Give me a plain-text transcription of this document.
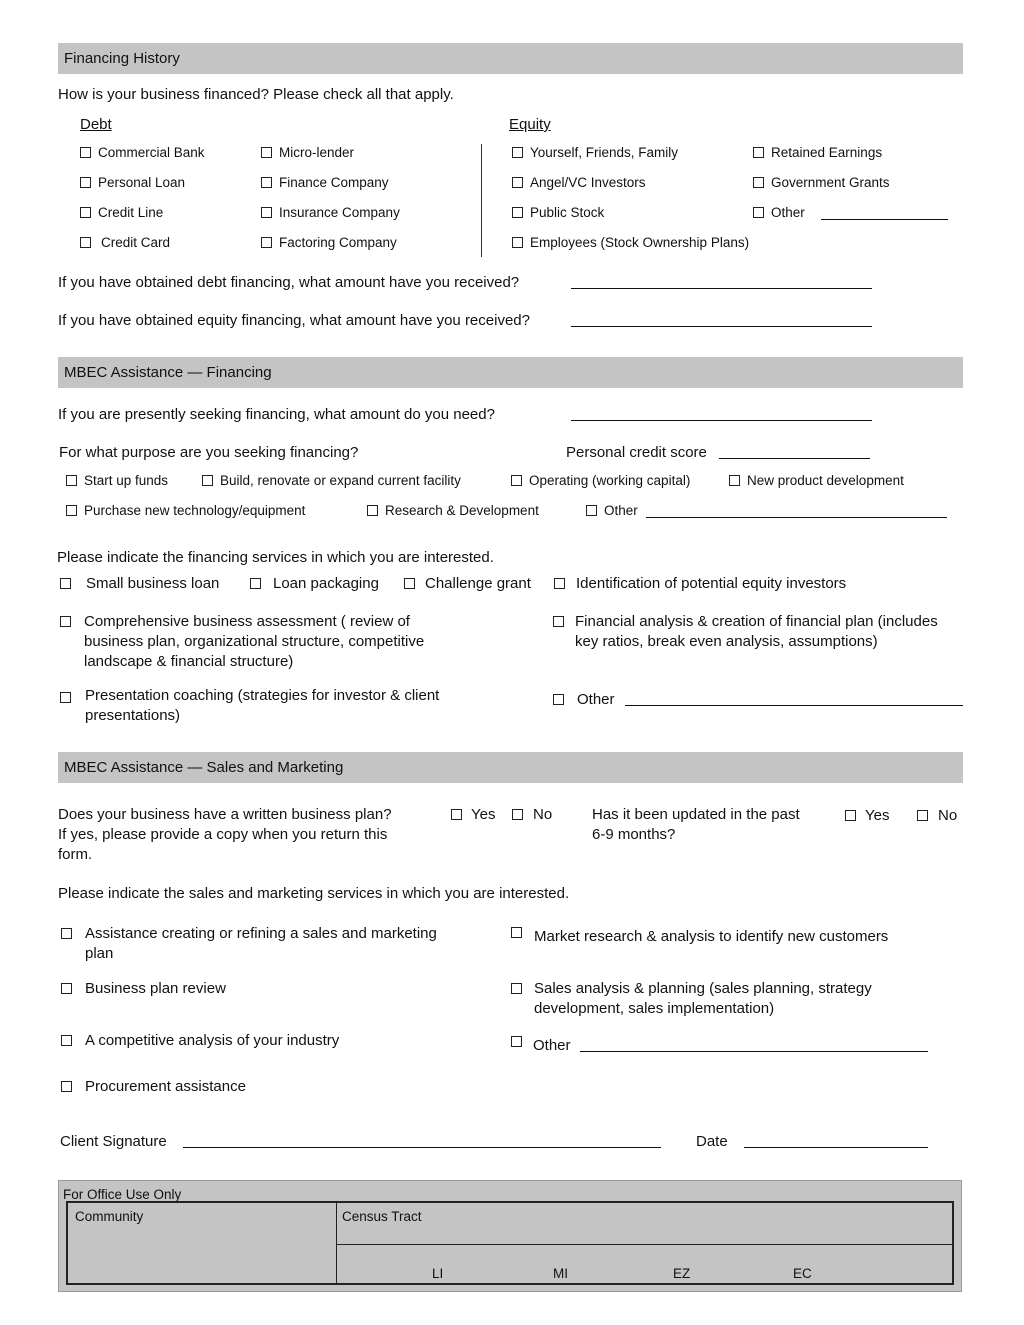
Financing History
How is your business financed? Please check all that apply.
Debt	Equity
Commercial Bank
Personal Loan
Credit Line
Credit Card
Micro-lender
Finance Company
Insurance Company
Factoring Company
Yourself, Friends, Family
Angel/VC Investors
Public Stock
Employees (Stock Ownership Plans)
Retained Earnings
Government Grants
Other
If you have obtained debt financing, what amount have you received?
If you have obtained equity financing, what amount have you received?
MBEC Assistance — Financing
If you are presently seeking financing, what amount do you need?
For what purpose are you seeking financing?	Personal credit score
Start up funds	Build, renovate or expand current facility	Operating (working capital)	New product development
Purchase new technology/equipment	Research & Development	Other
Please indicate the financing services in which you are interested.
Small business loan	Loan packaging	Challenge grant	Identification of potential equity investors
Comprehensive business assessment ( review of
business plan, organizational structure, competitive
landscape & financial structure)
Financial analysis & creation of financial plan (includes
key ratios, break even analysis, assumptions)
Presentation coaching (strategies for investor & client
presentations)
Other
MBEC Assistance — Sales and Marketing
Does your business have a written business plan?
If yes, please provide a copy when you return this
form.
Yes	No	Has it been updated in the past
6-9 months?
Yes	No
Please indicate the sales and marketing services in which you are interested.
Assistance creating or refining a sales and marketing
plan
Market research & analysis to identify new customers
Business plan review	Sales analysis & planning (sales planning, strategy
development, sales implementation)
A competitive analysis of your industry	Other
Procurement assistance
Client Signature	Date
For Office Use Only
Community	Census Tract
LI	MI	EZ	EC
